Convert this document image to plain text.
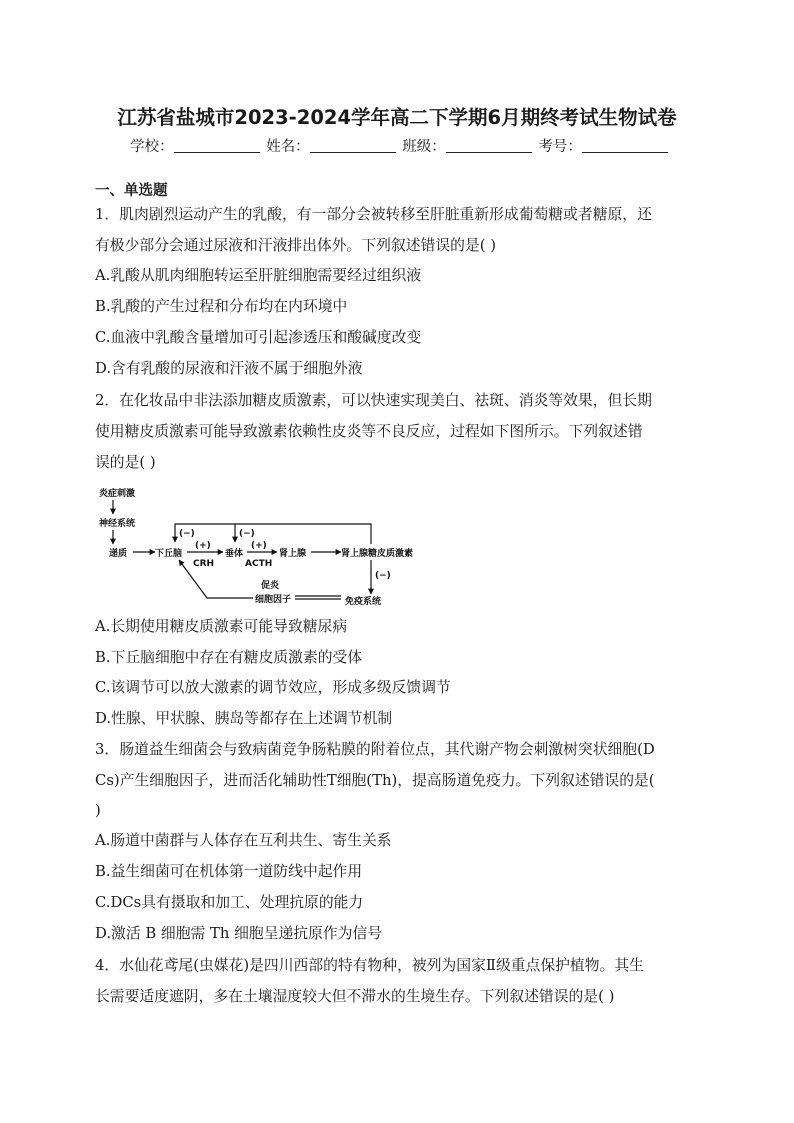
江苏省盐城市2023-2024学年高二下学期6月期终考试生物试卷
学校：	姓名：	班级：	考号：
一、单选题
1．肌肉剧烈运动产生的乳酸，有一部分会被转移至肝脏重新形成葡萄糖或者糖原，还
有极少部分会通过尿液和汗液排出体外。下列叙述错误的是( )
A.乳酸从肌肉细胞转运至肝脏细胞需要经过组织液
B.乳酸的产生过程和分布均在内环境中
C.血液中乳酸含量增加可引起渗透压和酸碱度改变
D.含有乳酸的尿液和汗液不属于细胞外液
2．在化妆品中非法添加糖皮质激素，可以快速实现美白、祛斑、消炎等效果，但长期
使用糖皮质激素可能导致激素依赖性皮炎等不良反应，过程如下图所示。下列叙述错
误的是( )
炎症刺激
神经系统
递质	下丘脑
(+)
CRH
垂体
(+)
ACTH
肾上腺	肾上腺糖皮质激素
(−)	(−)
(−)
免疫系统
促炎
细胞因子
A.长期使用糖皮质激素可能导致糖尿病
B.下丘脑细胞中存在有糖皮质激素的受体
C.该调节可以放大激素的调节效应，形成多级反馈调节
D.性腺、甲状腺、胰岛等都存在上述调节机制
3．肠道益生细菌会与致病菌竞争肠粘膜的附着位点，其代谢产物会刺激树突状细胞(D
Cs)产生细胞因子，进而活化辅助性T细胞(Th)，提高肠道免疫力。下列叙述错误的是(
)
A.肠道中菌群与人体存在互利共生、寄生关系
B.益生细菌可在机体第一道防线中起作用
C.DCs具有摄取和加工、处理抗原的能力
D.激活 B 细胞需 Th 细胞呈递抗原作为信号
4．水仙花鸢尾(虫媒花)是四川西部的特有物种，被列为国家Ⅱ级重点保护植物。其生
长需要适度遮阴，多在土壤湿度较大但不滞水的生境生存。下列叙述错误的是( )
